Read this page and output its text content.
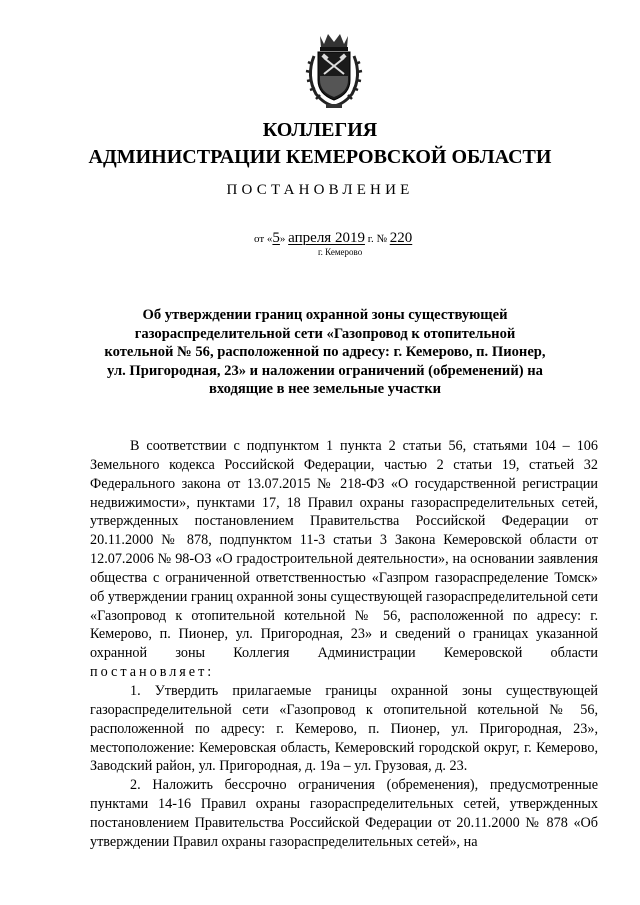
КОЛЛЕГИЯ
АДМИНИСТРАЦИИ КЕМЕРОВСКОЙ ОБЛАСТИ
ПОСТАНОВЛЕНИЕ
от «5» апреля 2019 г. № 220
г. Кемерово
Об утверждении границ охранной зоны существующей газораспределительной сети «Газопровод к отопительной котельной № 56, расположенной по адресу: г. Кемерово, п. Пионер, ул. Пригородная, 23» и наложении ограничений (обременений) на входящие в нее земельные участки

В соответствии с подпунктом 1 пункта 2 статьи 56, статьями 104 – 106 Земельного кодекса Российской Федерации, частью 2 статьи 19, статьей 32 Федерального закона от 13.07.2015 № 218-ФЗ «О государственной регистрации недвижимости», пунктами 17, 18 Правил охраны газораспределительных сетей, утвержденных постановлением Правительства Российской Федерации от 20.11.2000 № 878, подпунктом 11-3 статьи 3 Закона Кемеровской области от 12.07.2006 № 98-ОЗ «О градостроительной деятельности», на основании заявления общества с ограниченной ответственностью «Газпром газораспределение Томск» об утверждении границ охранной зоны существующей газораспределительной сети «Газопровод к отопительной котельной № 56, расположенной по адресу: г. Кемерово, п. Пионер, ул. Пригородная, 23» и сведений о границах указанной охранной зоны Коллегия Администрации Кемеровской области постановляет:

1. Утвердить прилагаемые границы охранной зоны существующей газораспределительной сети «Газопровод к отопительной котельной № 56, расположенной по адресу: г. Кемерово, п. Пионер, ул. Пригородная, 23», местоположение: Кемеровская область, Кемеровский городской округ, г. Кемерово, Заводский район, ул. Пригородная, д. 19а – ул. Грузовая, д. 23.

2. Наложить бессрочно ограничения (обременения), предусмотренные пунктами 14-16 Правил охраны газораспределительных сетей, утвержденных постановлением Правительства Российской Федерации от 20.11.2000 № 878 «Об утверждении Правил охраны газораспределительных сетей», на
